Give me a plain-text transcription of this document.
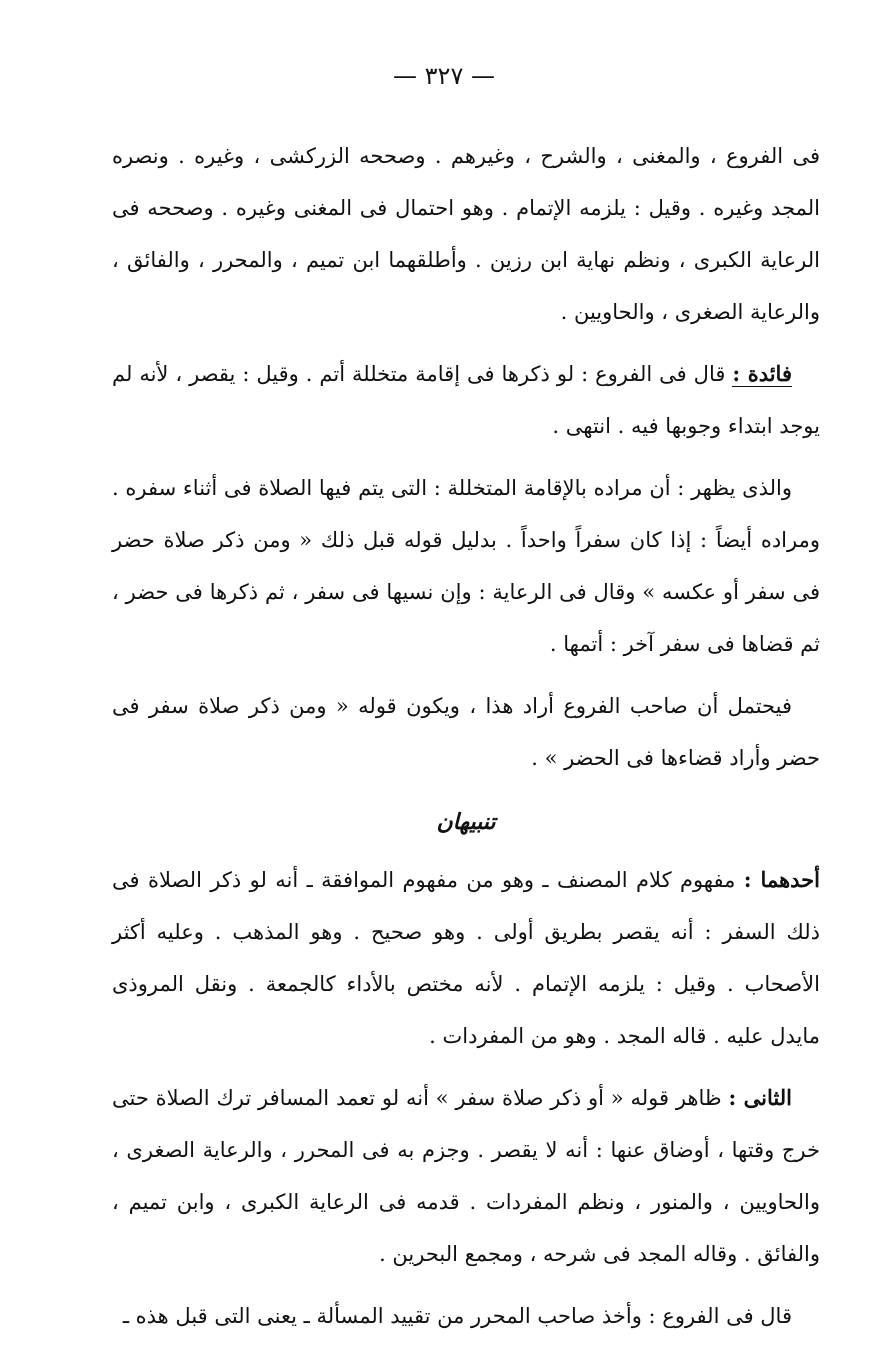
— ٣٢٧ —

فى الفروع ، والمغنى ، والشرح ، وغيرهم . وصححه الزركشى ، وغيره . ونصره المجد وغيره . وقيل : يلزمه الإتمام . وهو احتمال فى المغنى وغيره . وصححه فى الرعاية الكبرى ، ونظم نهاية ابن رزين . وأطلقهما ابن تميم ، والمحرر ، والفائق ، والرعاية الصغرى ، والحاويين .

فائدة : قال فى الفروع : لو ذكرها فى إقامة متخللة أتم . وقيل : يقصر ، لأنه لم يوجد ابتداء وجوبها فيه . انتهى .

والذى يظهر : أن مراده بالإقامة المتخللة : التى يتم فيها الصلاة فى أثناء سفره . ومراده أيضاً : إذا كان سفراً واحداً . بدليل قوله قبل ذلك « ومن ذكر صلاة حضر فى سفر أو عكسه » وقال فى الرعاية : وإن نسيها فى سفر ، ثم ذكرها فى حضر ، ثم قضاها فى سفر آخر : أتمها .

فيحتمل أن صاحب الفروع أراد هذا ، ويكون قوله « ومن ذكر صلاة سفر فى حضر وأراد قضاءها فى الحضر » .

تنبيهان

أحدهما : مفهوم كلام المصنف ـ وهو من مفهوم الموافقة ـ أنه لو ذكر الصلاة فى ذلك السفر : أنه يقصر بطريق أولى . وهو صحيح . وهو المذهب . وعليه أكثر الأصحاب . وقيل : يلزمه الإتمام . لأنه مختص بالأداء كالجمعة . ونقل المروذى مايدل عليه . قاله المجد . وهو من المفردات .

الثانى : ظاهر قوله « أو ذكر صلاة سفر » أنه لو تعمد المسافر ترك الصلاة حتى خرج وقتها ، أوضاق عنها : أنه لا يقصر . وجزم به فى المحرر ، والرعاية الصغرى ، والحاويين ، والمنور ، ونظم المفردات . قدمه فى الرعاية الكبرى ، وابن تميم ، والفائق . وقاله المجد فى شرحه ، ومجمع البحرين .

قال فى الفروع : وأخذ صاحب المحرر من تقييد المسألة ـ يعنى التى قبل هذه ـ
